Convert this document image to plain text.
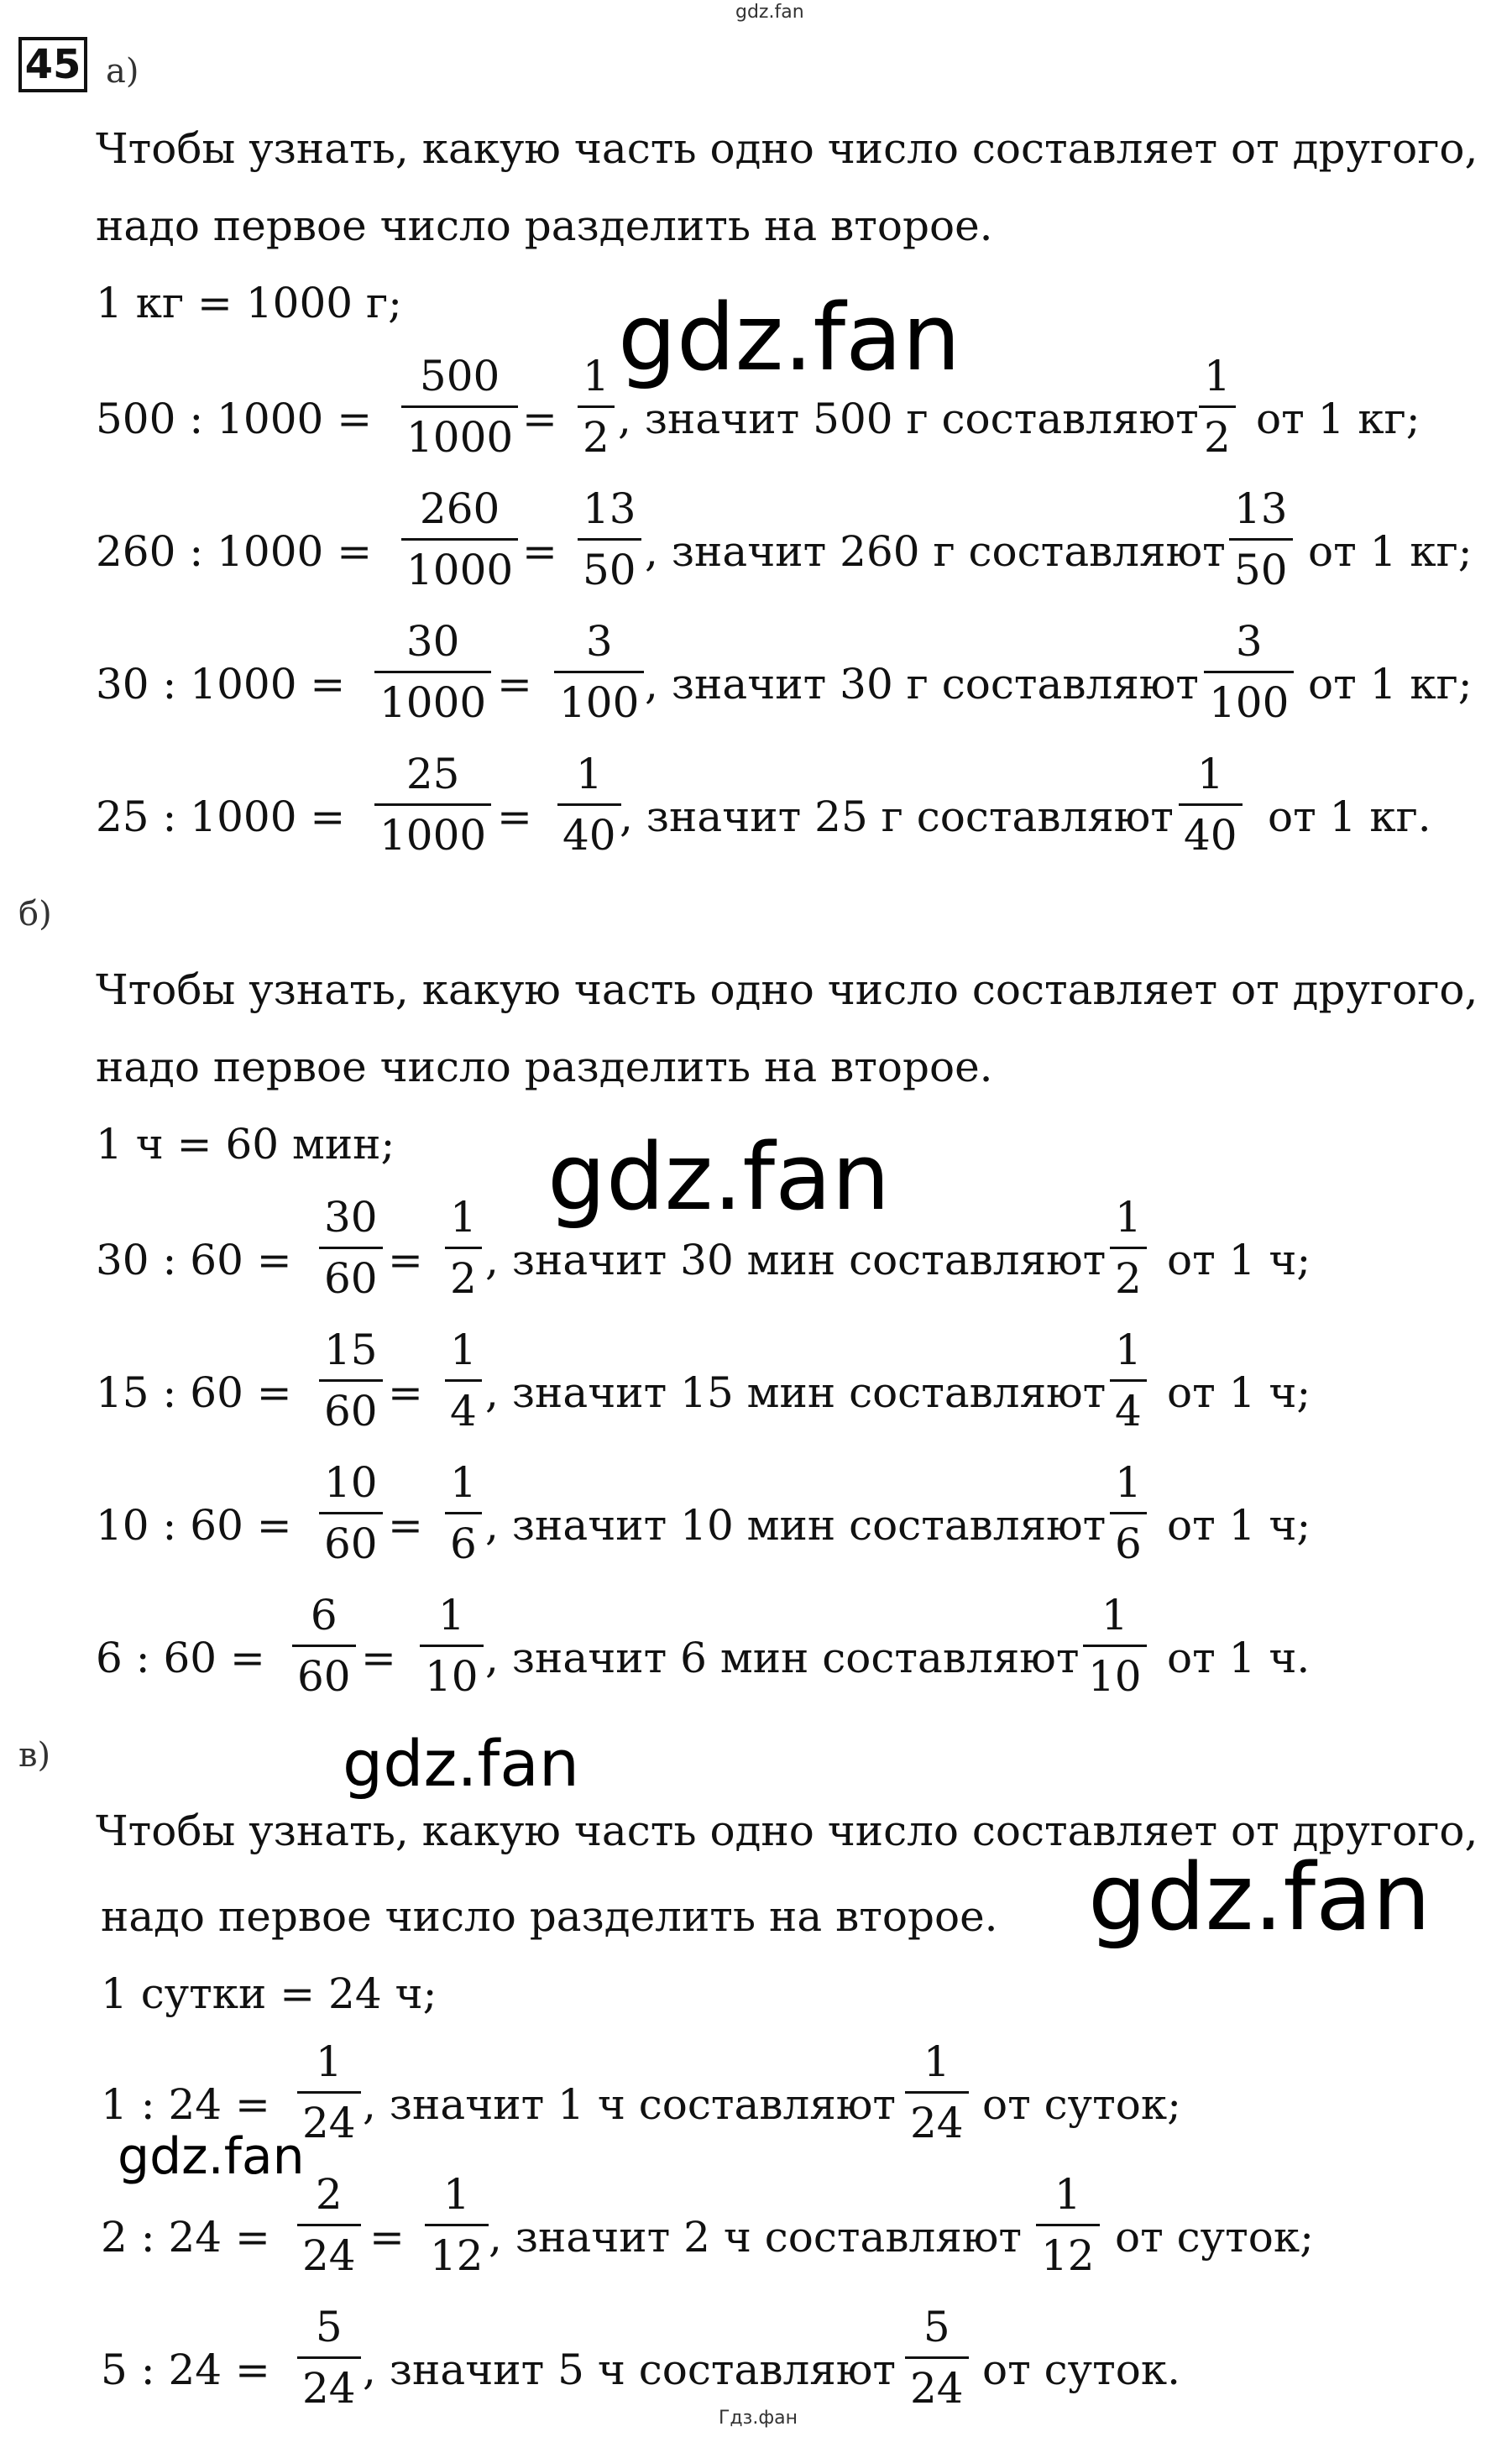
gdz.fan
45 а)
Чтобы узнать, какую часть одно число составляет от другого,
надо первое число разделить на второе.
1 кг = 1000 г;
500 : $1000 = \frac{500}{1000} = \frac{1}{2}$ , значит 500 г составляют $\frac{1}{2}$ от 1 кг;
260 : $1000 = \frac{260}{1000} = \frac{13}{50}$ , значит 260 г составляют $\frac{13}{50}$ от 1 кг;
30 : $1000 = \frac{30}{1000} = \frac{3}{100}$ , значит 30 г составляют $\frac{3}{100}$ от 1 кг;
25 : $1000 = \frac{25}{1000} = \frac{1}{40}$
, значит 25 г составляют $\frac{1}{40}$ от 1 кг.
б)
Чтобы узнать, какую часть одно число составляет от другого,
надо первое число разделить на второе.
1 ч = 60 мин;
30 : $60 = \frac{30}{60} = \frac{1}{2}$ , значит 30 мин составляют $\frac{1}{2}$ от 1 ч;
15 : $60 = \frac{15}{60} = \frac{1}{4}$ , значит 15 мин составляют $\frac{1}{4}$ от 1 ч;
10 : $60 = \frac{10}{60} = \frac{1}{6}$ , значит 10 мин составляют $\frac{1}{6}$ от 1 ч;
6 : $60 = \frac{6}{60} = \frac{1}{10}$ , значит 6 мин составляют $\frac{1}{10}$ от 1 ч.
в)
Чтобы узнать, какую часть одно число составляет от другого,
надо первое число разделить на второе.
1 сутки = 24 ч;
1 : $24 = \frac{1}{24}$ , значит 1 ч составляют $\frac{1}{24}$ от суток;
2 : $24 = \frac{2}{24} = \frac{1}{12}$ , значит 2 ч составляют $\frac{1}{12}$ от суток;
5 : $24 = \frac{5}{24}$ , значит 5 ч составляют $\frac{5}{24}$ от суток.
gdz.fan
gdz.fan
gdz.fan
gdz.fan
gdz.fan
Гдз.фан
